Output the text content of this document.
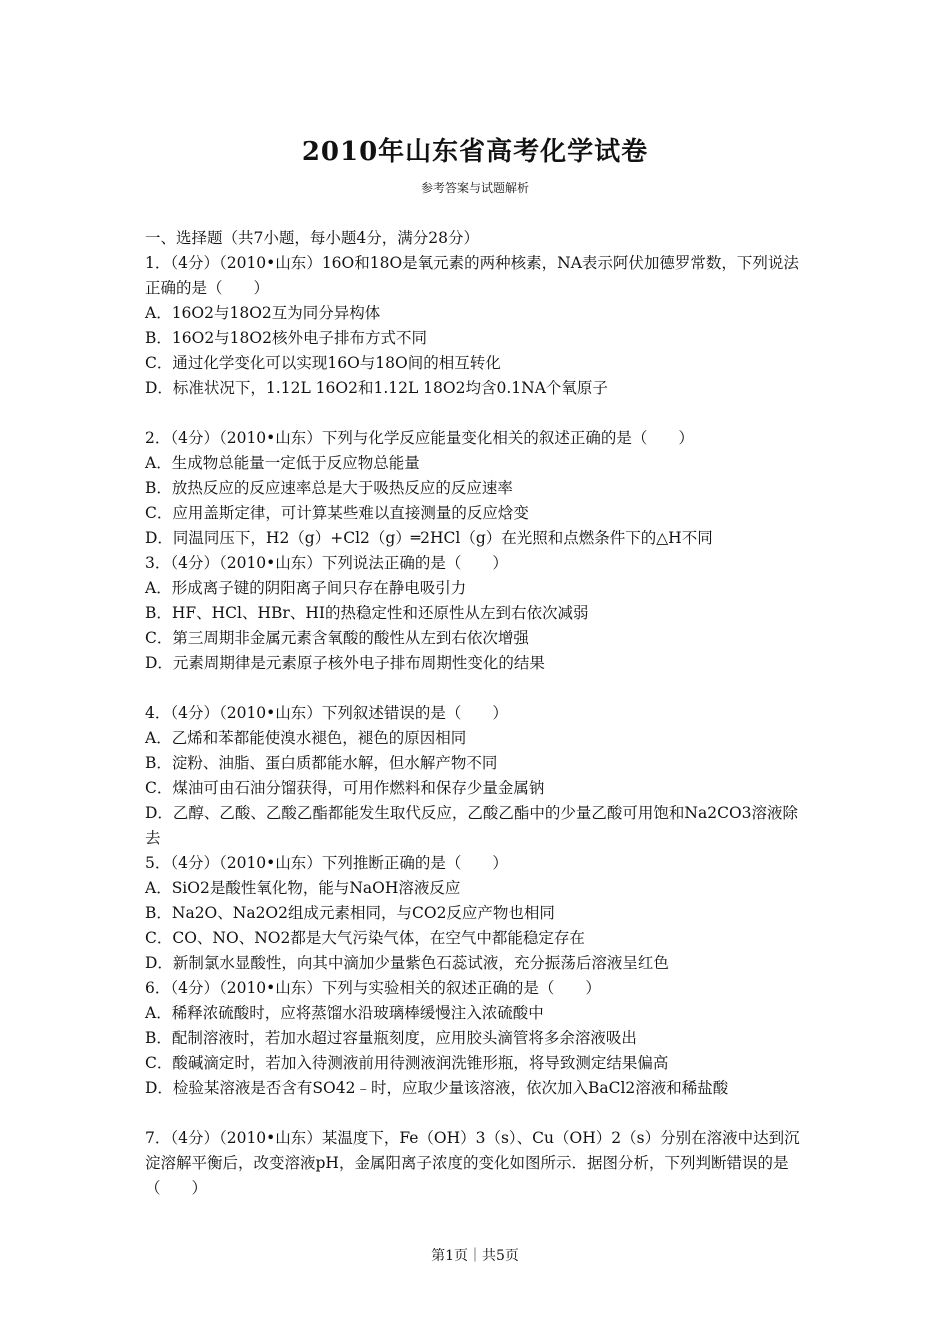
2010年山东省高考化学试卷
参考答案与试题解析
一、选择题（共7小题，每小题4分，满分28分）
1．（4分）（2010•山东）16O和18O是氧元素的两种核素，NA表示阿伏加德罗常数，下列说法正确的是（　　）
A．16O2与18O2互为同分异构体
B．16O2与18O2核外电子排布方式不同
C．通过化学变化可以实现16O与18O间的相互转化
D．标准状况下，1.12L 16O2和1.12L 18O2均含0.1NA个氧原子
2．（4分）（2010•山东）下列与化学反应能量变化相关的叙述正确的是（　　）
A．生成物总能量一定低于反应物总能量
B．放热反应的反应速率总是大于吸热反应的反应速率
C．应用盖斯定律，可计算某些难以直接测量的反应焓变
D．同温同压下，H2（g）+Cl2（g）═2HCl（g）在光照和点燃条件下的△H不同
3．（4分）（2010•山东）下列说法正确的是（　　）
A．形成离子键的阴阳离子间只存在静电吸引力
B．HF、HCl、HBr、HI的热稳定性和还原性从左到右依次减弱
C．第三周期非金属元素含氧酸的酸性从左到右依次增强
D．元素周期律是元素原子核外电子排布周期性变化的结果
4．（4分）（2010•山东）下列叙述错误的是（　　）
A．乙烯和苯都能使溴水褪色，褪色的原因相同
B．淀粉、油脂、蛋白质都能水解，但水解产物不同
C．煤油可由石油分馏获得，可用作燃料和保存少量金属钠
D．乙醇、乙酸、乙酸乙酯都能发生取代反应，乙酸乙酯中的少量乙酸可用饱和Na2CO3溶液除去
5．（4分）（2010•山东）下列推断正确的是（　　）
A．SiO2是酸性氧化物，能与NaOH溶液反应
B．Na2O、Na2O2组成元素相同，与CO2反应产物也相同
C．CO、NO、NO2都是大气污染气体，在空气中都能稳定存在
D．新制氯水显酸性，向其中滴加少量紫色石蕊试液，充分振荡后溶液呈红色
6．（4分）（2010•山东）下列与实验相关的叙述正确的是（　　）
A．稀释浓硫酸时，应将蒸馏水沿玻璃棒缓慢注入浓硫酸中
B．配制溶液时，若加水超过容量瓶刻度，应用胶头滴管将多余溶液吸出
C．酸碱滴定时，若加入待测液前用待测液润洗锥形瓶，将导致测定结果偏高
D．检验某溶液是否含有SO42﹣时，应取少量该溶液，依次加入BaCl2溶液和稀盐酸
7．（4分）（2010•山东）某温度下，Fe（OH）3（s）、Cu（OH）2（s）分别在溶液中达到沉淀溶解平衡后，改变溶液pH，金属阳离子浓度的变化如图所示．据图分析，下列判断错误的是（　　）
第1页｜共5页
